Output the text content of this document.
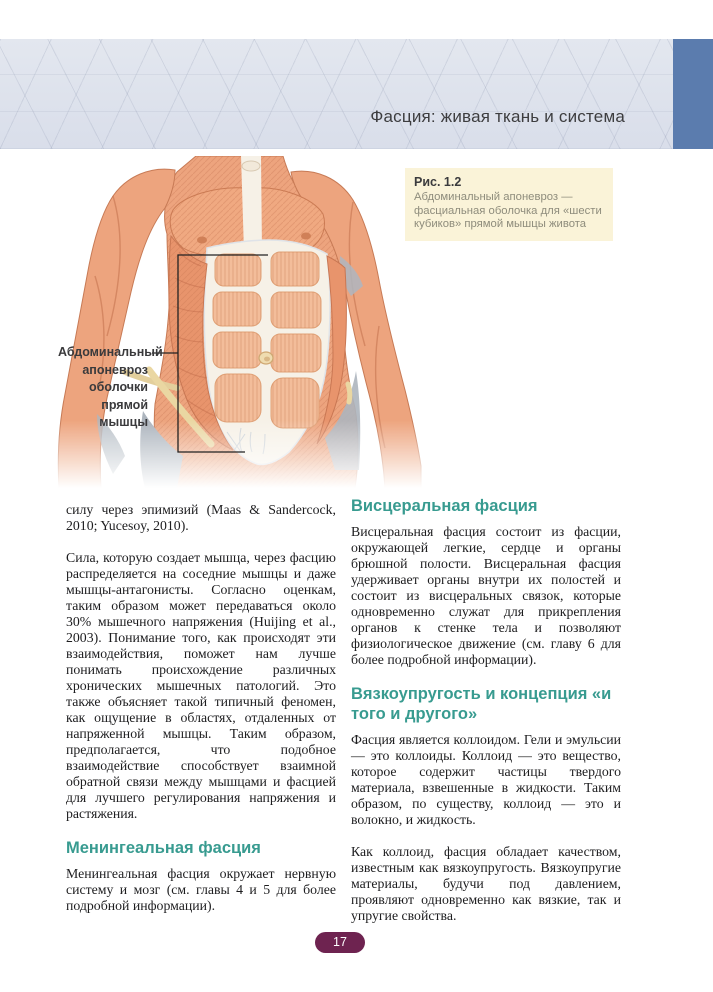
Фасция: живая ткань и система
Абдоминальный
апоневроз
оболочки
прямой мышцы
Рис. 1.2
Абдоминальный апоневроз — фасциальная оболочка для «шести кубиков» прямой мышцы живота

силу через эпимизий (Maas & Sandercock, 2010; Yucesoy, 2010).

Сила, которую создает мышца, через фасцию распределяется на соседние мышцы и даже мышцы-антагонисты. Согласно оценкам, таким образом может передаваться около 30% мышечного напряжения (Huijing et al., 2003). Понимание того, как происходят эти взаимодействия, поможет нам лучше понимать происхождение различных хронических мышечных патологий. Это также объясняет такой типичный феномен, как ощущение в областях, отдаленных от напряженной мышцы. Таким образом, предполагается, что подобное взаимодействие способствует взаимной обратной связи между мышцами и фасцией для лучшего регулирования напряжения и растяжения.

Менингеальная фасция

Менингеальная фасция окружает нервную систему и мозг (см. главы 4 и 5 для более подробной информации).

Висцеральная фасция

Висцеральная фасция состоит из фасции, окружающей легкие, сердце и органы брюшной полости. Висцеральная фасция удерживает органы внутри их полостей и состоит из висцеральных связок, которые одновременно служат для прикрепления органов к стенке тела и позволяют физиологическое движение (см. главу 6 для более подробной информации).

Вязкоупругость и концепция «и того и другого»

Фасция является коллоидом. Гели и эмульсии — это коллоиды. Коллоид — это вещество, которое содержит частицы твердого материала, взвешенные в жидкости. Таким образом, по существу, коллоид — это и волокно, и жидкость.

Как коллоид, фасция обладает качеством, известным как вязкоупругость. Вязкоупругие материалы, будучи под давлением, проявляют одновременно как вязкие, так и упругие свойства.

17
